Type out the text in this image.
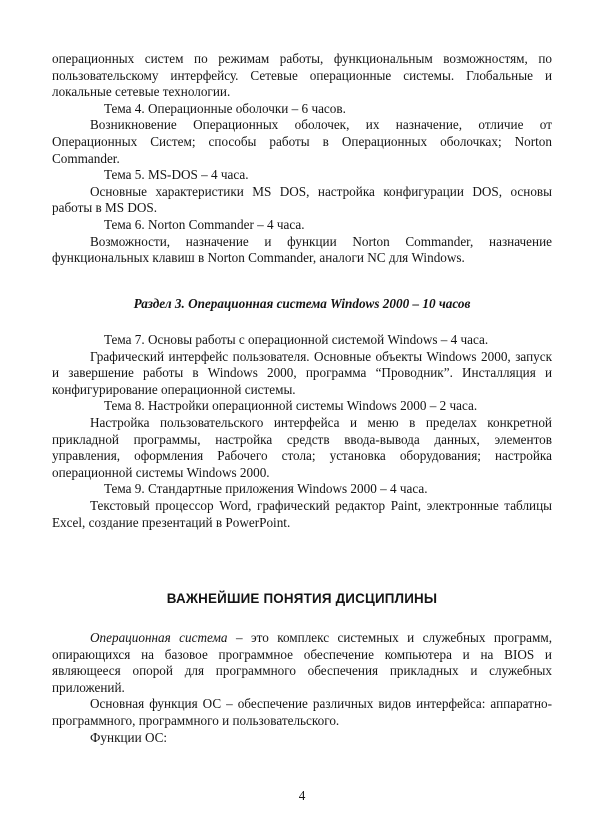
операционных систем по режимам работы, функциональным возможностям, по пользовательскому интерфейсу. Сетевые операционные системы. Глобальные и локальные сетевые технологии.

Тема 4. Операционные оболочки – 6 часов.

Возникновение Операционных оболочек, их назначение, отличие от Операционных Систем; способы работы в Операционных оболочках; Norton Commander.

Тема 5. MS-DOS – 4 часа.

Основные характеристики MS DOS, настройка конфигурации DOS, основы работы в MS DOS.

Тема 6. Norton Commander – 4 часа.

Возможности, назначение и функции Norton Commander, назначение функциональных клавиш в Norton Commander, аналоги NC для Windows.

Раздел 3. Операционная система Windows 2000 – 10 часов

Тема 7. Основы работы с операционной системой Windows – 4 часа.

Графический интерфейс пользователя. Основные объекты Windows 2000, запуск и завершение работы в Windows 2000, программа “Проводник”. Инсталляция и конфигурирование операционной системы.

Тема 8. Настройки операционной системы Windows 2000 – 2 часа.

Настройка пользовательского интерфейса и меню в пределах конкретной прикладной программы, настройка средств ввода-вывода данных, элементов управления, оформления Рабочего стола; установка оборудования; настройка операционной системы Windows 2000.

Тема 9. Стандартные приложения Windows 2000 – 4 часа.

Текстовый процессор Word, графический редактор Paint, электронные таблицы Excel, создание презентаций в PowerPoint.

ВАЖНЕЙШИЕ ПОНЯТИЯ ДИСЦИПЛИНЫ

Операционная система – это комплекс системных и служебных программ, опирающихся на базовое программное обеспечение компьютера и на BIOS и являющееся опорой для программного обеспечения прикладных и служебных приложений.

Основная функция ОС – обеспечение различных видов интерфейса: аппаратно-программного, программного и пользовательского.

Функции ОС:

4
